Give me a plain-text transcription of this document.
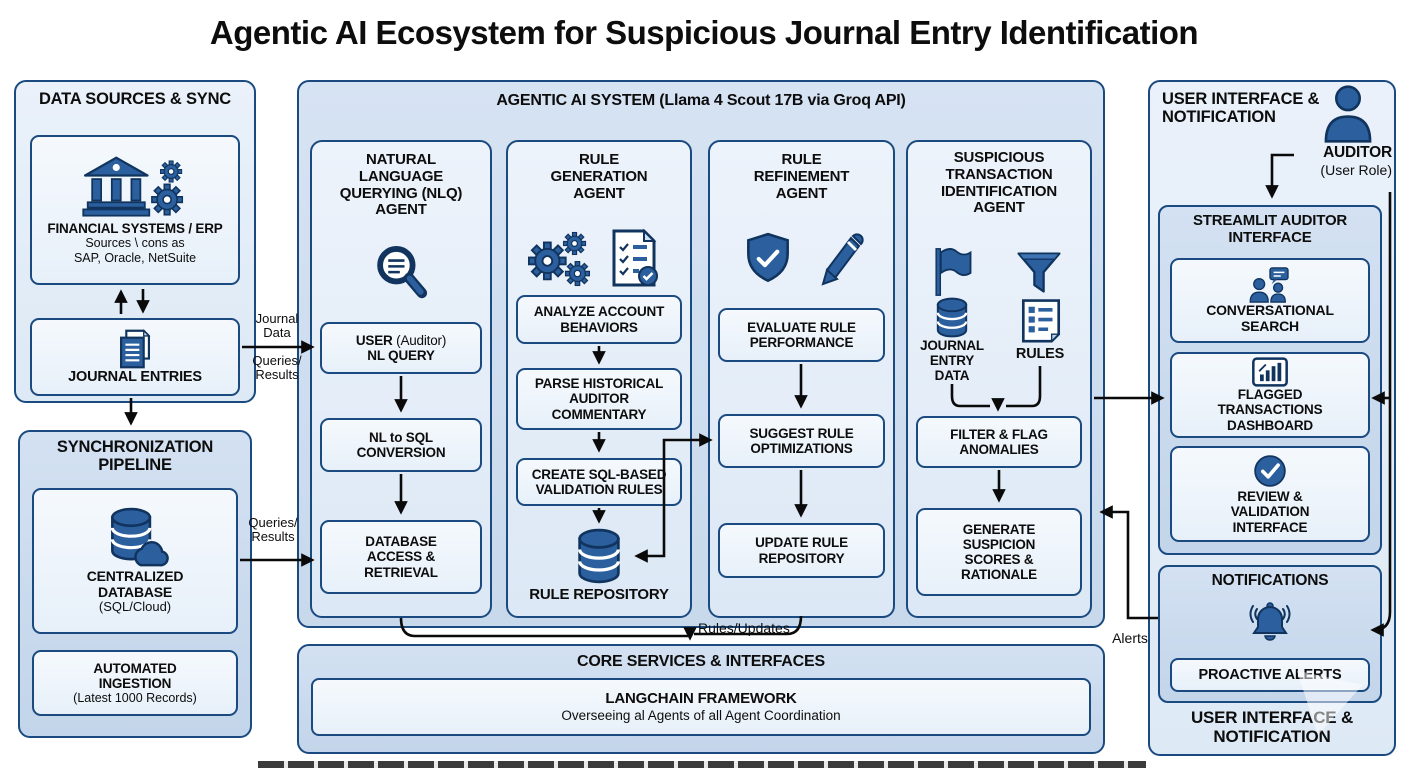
Agentic AI Ecosystem for Suspicious Journal Entry Identification
DATA SOURCES & SYNC
FINANCIAL SYSTEMS / ERP
Sources \ cons as
SAP, Oracle, NetSuite
JOURNAL ENTRIES
SYNCHRONIZATION PIPELINE
CENTRALIZED DATABASE
(SQL/Cloud)
AUTOMATED INGESTION
(Latest 1000 Records)
AGENTIC AI SYSTEM (Llama 4 Scout 17B via Groq API)
NATURAL LANGUAGE QUERYING (NLQ) AGENT
USER (Auditor)
NL QUERY
NL to SQL CONVERSION
DATABASE ACCESS & RETRIEVAL
RULE GENERATION AGENT
ANALYZE ACCOUNT BEHAVIORS
PARSE HISTORICAL AUDITOR COMMENTARY
CREATE SQL-BASED VALIDATION RULES
RULE REPOSITORY
RULE REFINEMENT AGENT
EVALUATE RULE PERFORMANCE
SUGGEST RULE OPTIMIZATIONS
UPDATE RULE REPOSITORY
SUSPICIOUS TRANSACTION IDENTIFICATION AGENT
JOURNAL ENTRY DATA
RULES
FILTER & FLAG ANOMALIES
GENERATE SUSPICION SCORES & RATIONALE
CORE SERVICES & INTERFACES
LANGCHAIN FRAMEWORK
Overseeing al Agents of all Agent Coordination
USER INTERFACE & NOTIFICATION
AUDITOR
(User Role)
STREAMLIT AUDITOR INTERFACE
CONVERSATIONAL SEARCH
FLAGGED TRANSACTIONS DASHBOARD
REVIEW & VALIDATION INTERFACE
NOTIFICATIONS
PROACTIVE ALERTS
USER INTERFACE & NOTIFICATION
Journal Data
Queries/ Results
Queries/ Results
Rules/Updates
Alerts
